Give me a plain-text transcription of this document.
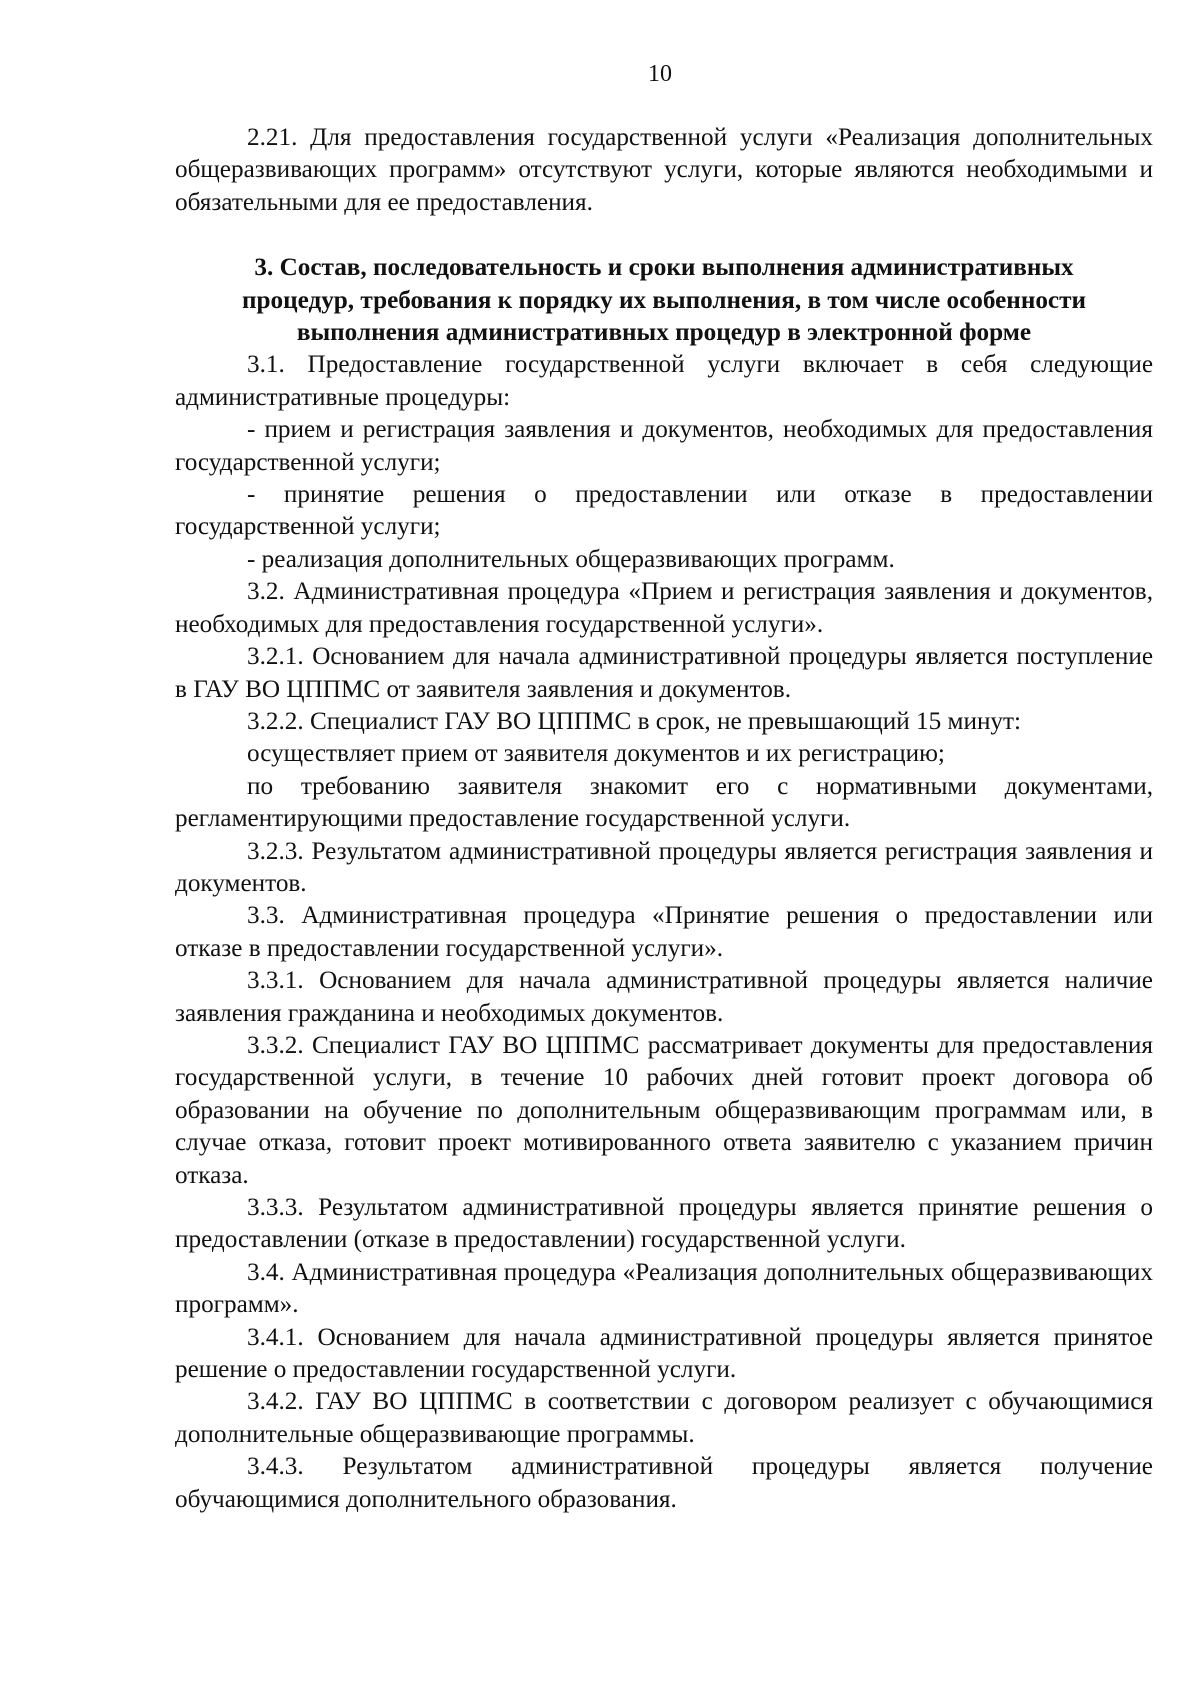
10

2.21. Для предоставления государственной услуги «Реализация дополнительных общеразвивающих программ» отсутствуют услуги, которые являются необходимыми и обязательными для ее предоставления.

3. Состав, последовательность и сроки выполнения административных
процедур, требования к порядку их выполнения, в том числе особенности
выполнения административных процедур в электронной форме

3.1. Предоставление государственной услуги включает в себя следующие административные процедуры:

- прием и регистрация заявления и документов, необходимых для предоставления государственной услуги;

- принятие решения о предоставлении или отказе в предоставлении государственной услуги;

- реализация дополнительных общеразвивающих программ.

3.2. Административная процедура «Прием и регистрация заявления и документов, необходимых для предоставления государственной услуги».

3.2.1. Основанием для начала административной процедуры является поступление в ГАУ ВО ЦППМС от заявителя заявления и документов.

3.2.2. Специалист ГАУ ВО ЦППМС в срок, не превышающий 15 минут:

осуществляет прием от заявителя документов и их регистрацию;

по требованию заявителя знакомит его с нормативными документами, регламентирующими предоставление государственной услуги.

3.2.3. Результатом административной процедуры является регистрация заявления и документов.

3.3. Административная процедура «Принятие решения о предоставлении или отказе в предоставлении государственной услуги».

3.3.1. Основанием для начала административной процедуры является наличие заявления гражданина и необходимых документов.

3.3.2. Специалист ГАУ ВО ЦППМС рассматривает документы для предоставления государственной услуги, в течение 10 рабочих дней готовит проект договора об образовании на обучение по дополнительным общеразвивающим программам или, в случае отказа, готовит проект мотивированного ответа заявителю с указанием причин отказа.

3.3.3. Результатом административной процедуры является принятие решения о предоставлении (отказе в предоставлении) государственной услуги.

3.4. Административная процедура «Реализация дополнительных общеразвивающих программ».

3.4.1. Основанием для начала административной процедуры является принятое решение о предоставлении государственной услуги.

3.4.2. ГАУ ВО ЦППМС в соответствии с договором реализует с обучающимися дополнительные общеразвивающие программы.

3.4.3. Результатом административной процедуры является получение обучающимися дополнительного образования.
